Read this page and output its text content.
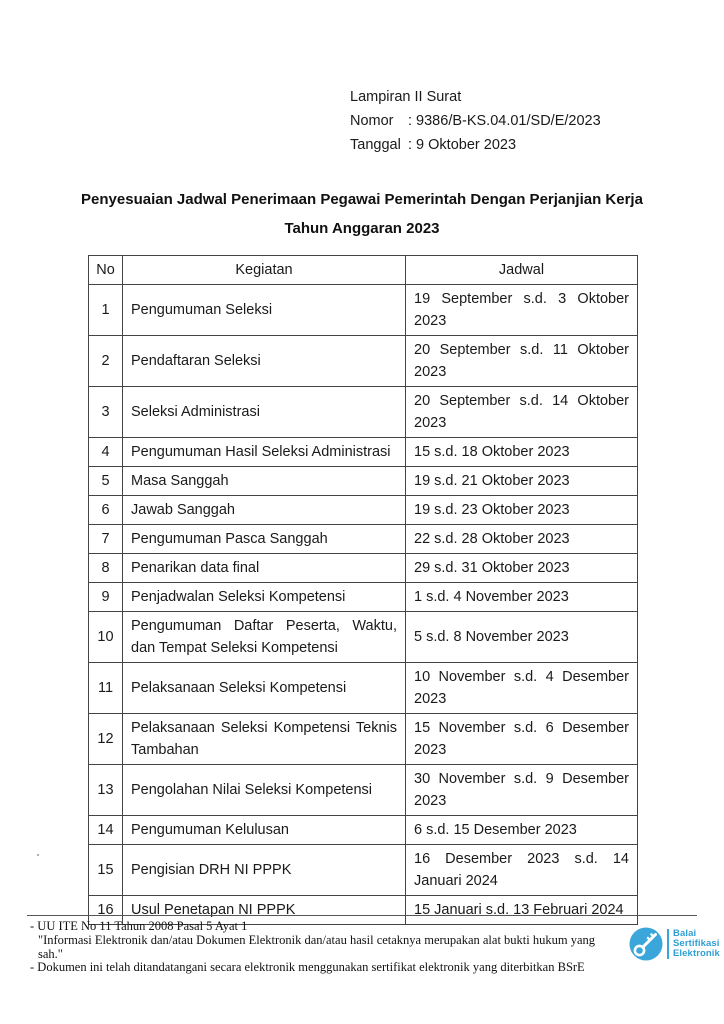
Lampiran II Surat
Nomor : 9386/B-KS.04.01/SD/E/2023
Tanggal : 9 Oktober 2023
Penyesuaian Jadwal Penerimaan Pegawai Pemerintah Dengan Perjanjian Kerja
Tahun Anggaran 2023
No	Kegiatan	Jadwal
1	Pengumuman Seleksi	19 September s.d. 3 Oktober 2023
2	Pendaftaran Seleksi	20 September s.d. 11 Oktober 2023
3	Seleksi Administrasi	20 September s.d. 14 Oktober 2023
4	Pengumuman Hasil Seleksi Administrasi	15 s.d. 18 Oktober 2023
5	Masa Sanggah	19 s.d. 21 Oktober 2023
6	Jawab Sanggah	19 s.d. 23 Oktober 2023
7	Pengumuman Pasca Sanggah	22 s.d. 28 Oktober 2023
8	Penarikan data final	29 s.d. 31 Oktober 2023
9	Penjadwalan Seleksi Kompetensi	1 s.d. 4 November 2023
10	Pengumuman Daftar Peserta, Waktu, dan Tempat Seleksi Kompetensi	5 s.d. 8 November 2023
11	Pelaksanaan Seleksi Kompetensi	10 November s.d. 4 Desember 2023
12	Pelaksanaan Seleksi Kompetensi Teknis Tambahan	15 November s.d. 6 Desember 2023
13	Pengolahan Nilai Seleksi Kompetensi	30 November s.d. 9 Desember 2023
14	Pengumuman Kelulusan	6 s.d. 15 Desember 2023
15	Pengisian DRH NI PPPK	16 Desember 2023 s.d. 14 Januari 2024
16	Usul Penetapan NI PPPK	15 Januari s.d. 13 Februari 2024
- UU ITE No 11 Tahun 2008 Pasal 5 Ayat 1
"Informasi Elektronik dan/atau Dokumen Elektronik dan/atau hasil cetaknya merupakan alat bukti hukum yang sah."
- Dokumen ini telah ditandatangani secara elektronik menggunakan sertifikat elektronik yang diterbitkan BSrE
Balai
Sertifikasi
Elektronik
